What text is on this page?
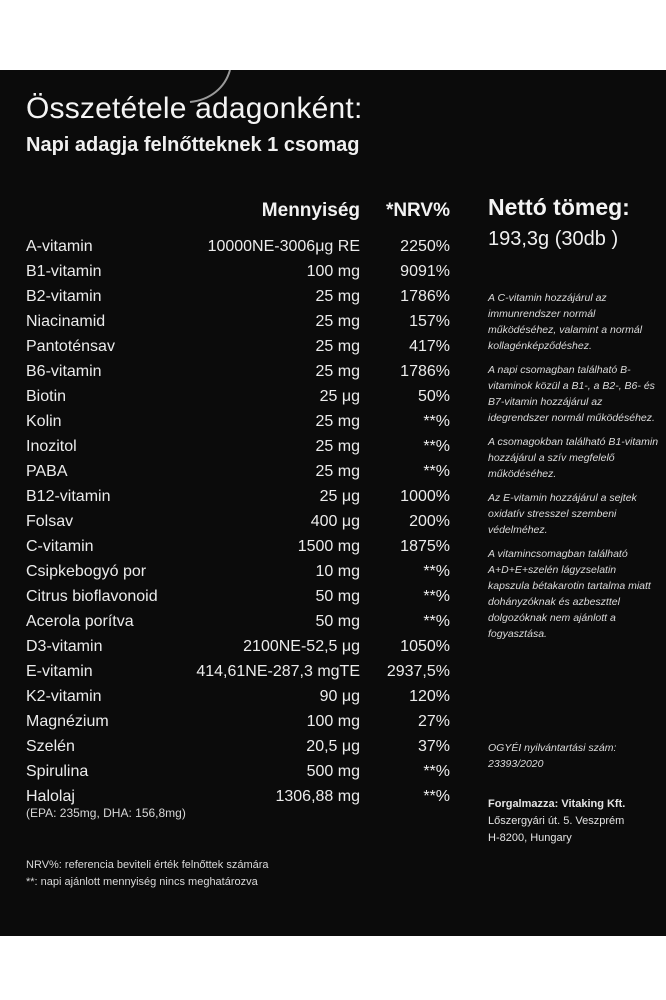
Összetétele adagonként:
Napi adagja felnőtteknek 1 csomag
Mennyiség *NRV%
A-vitamin	10000NE-3006μg RE	2250%
B1-vitamin	100 mg	9091%
B2-vitamin	25 mg	1786%
Niacinamid	25 mg	157%
Pantoténsav	25 mg	417%
B6-vitamin	25 mg	1786%
Biotin	25 μg	50%
Kolin	25 mg	**%
Inozitol	25 mg	**%
PABA	25 mg	**%
B12-vitamin	25 μg	1000%
Folsav	400 μg	200%
C-vitamin	1500 mg	1875%
Csipkebogyó por	10 mg	**%
Citrus bioflavonoid	50 mg	**%
Acerola porítva	50 mg	**%
D3-vitamin	2100NE-52,5 μg	1050%
E-vitamin	414,61NE-287,3 mgTE 2937,5%
K2-vitamin	90 μg	120%
Magnézium	100 mg	27%
Szelén	20,5 μg	37%
Spirulina	500 mg	**%
Halolaj	1306,88 mg	**%
(EPA: 235mg, DHA: 156,8mg)
NRV%: referencia beviteli érték felnőttek számára
**: napi ajánlott mennyiség nincs meghatározva
Nettó tömeg:
193,3g (30db )
A C-vitamin hozzájárul az immunrendszer normál működéséhez, valamint a normál kollagénképződéshez.
A napi csomagban található B-vitaminok közül a B1-, a B2-, B6- és B7-vitamin hozzájárul az idegrendszer normál működéséhez.
A csomagokban található B1-vitamin hozzájárul a szív megfelelő működéséhez.
Az E-vitamin hozzájárul a sejtek oxidatív stresszel szembeni védelméhez.
A vitamincsomagban található A+D+E+szelén lágyzselatin kapszula bétakarotin tartalma miatt dohányzóknak és azbeszttel dolgozóknak nem ajánlott a fogyasztása.
OGYÉI nyilvántartási szám:
23393/2020
Forgalmazza: Vitaking Kft.
Lőszergyári út. 5. Veszprém
H-8200, Hungary
